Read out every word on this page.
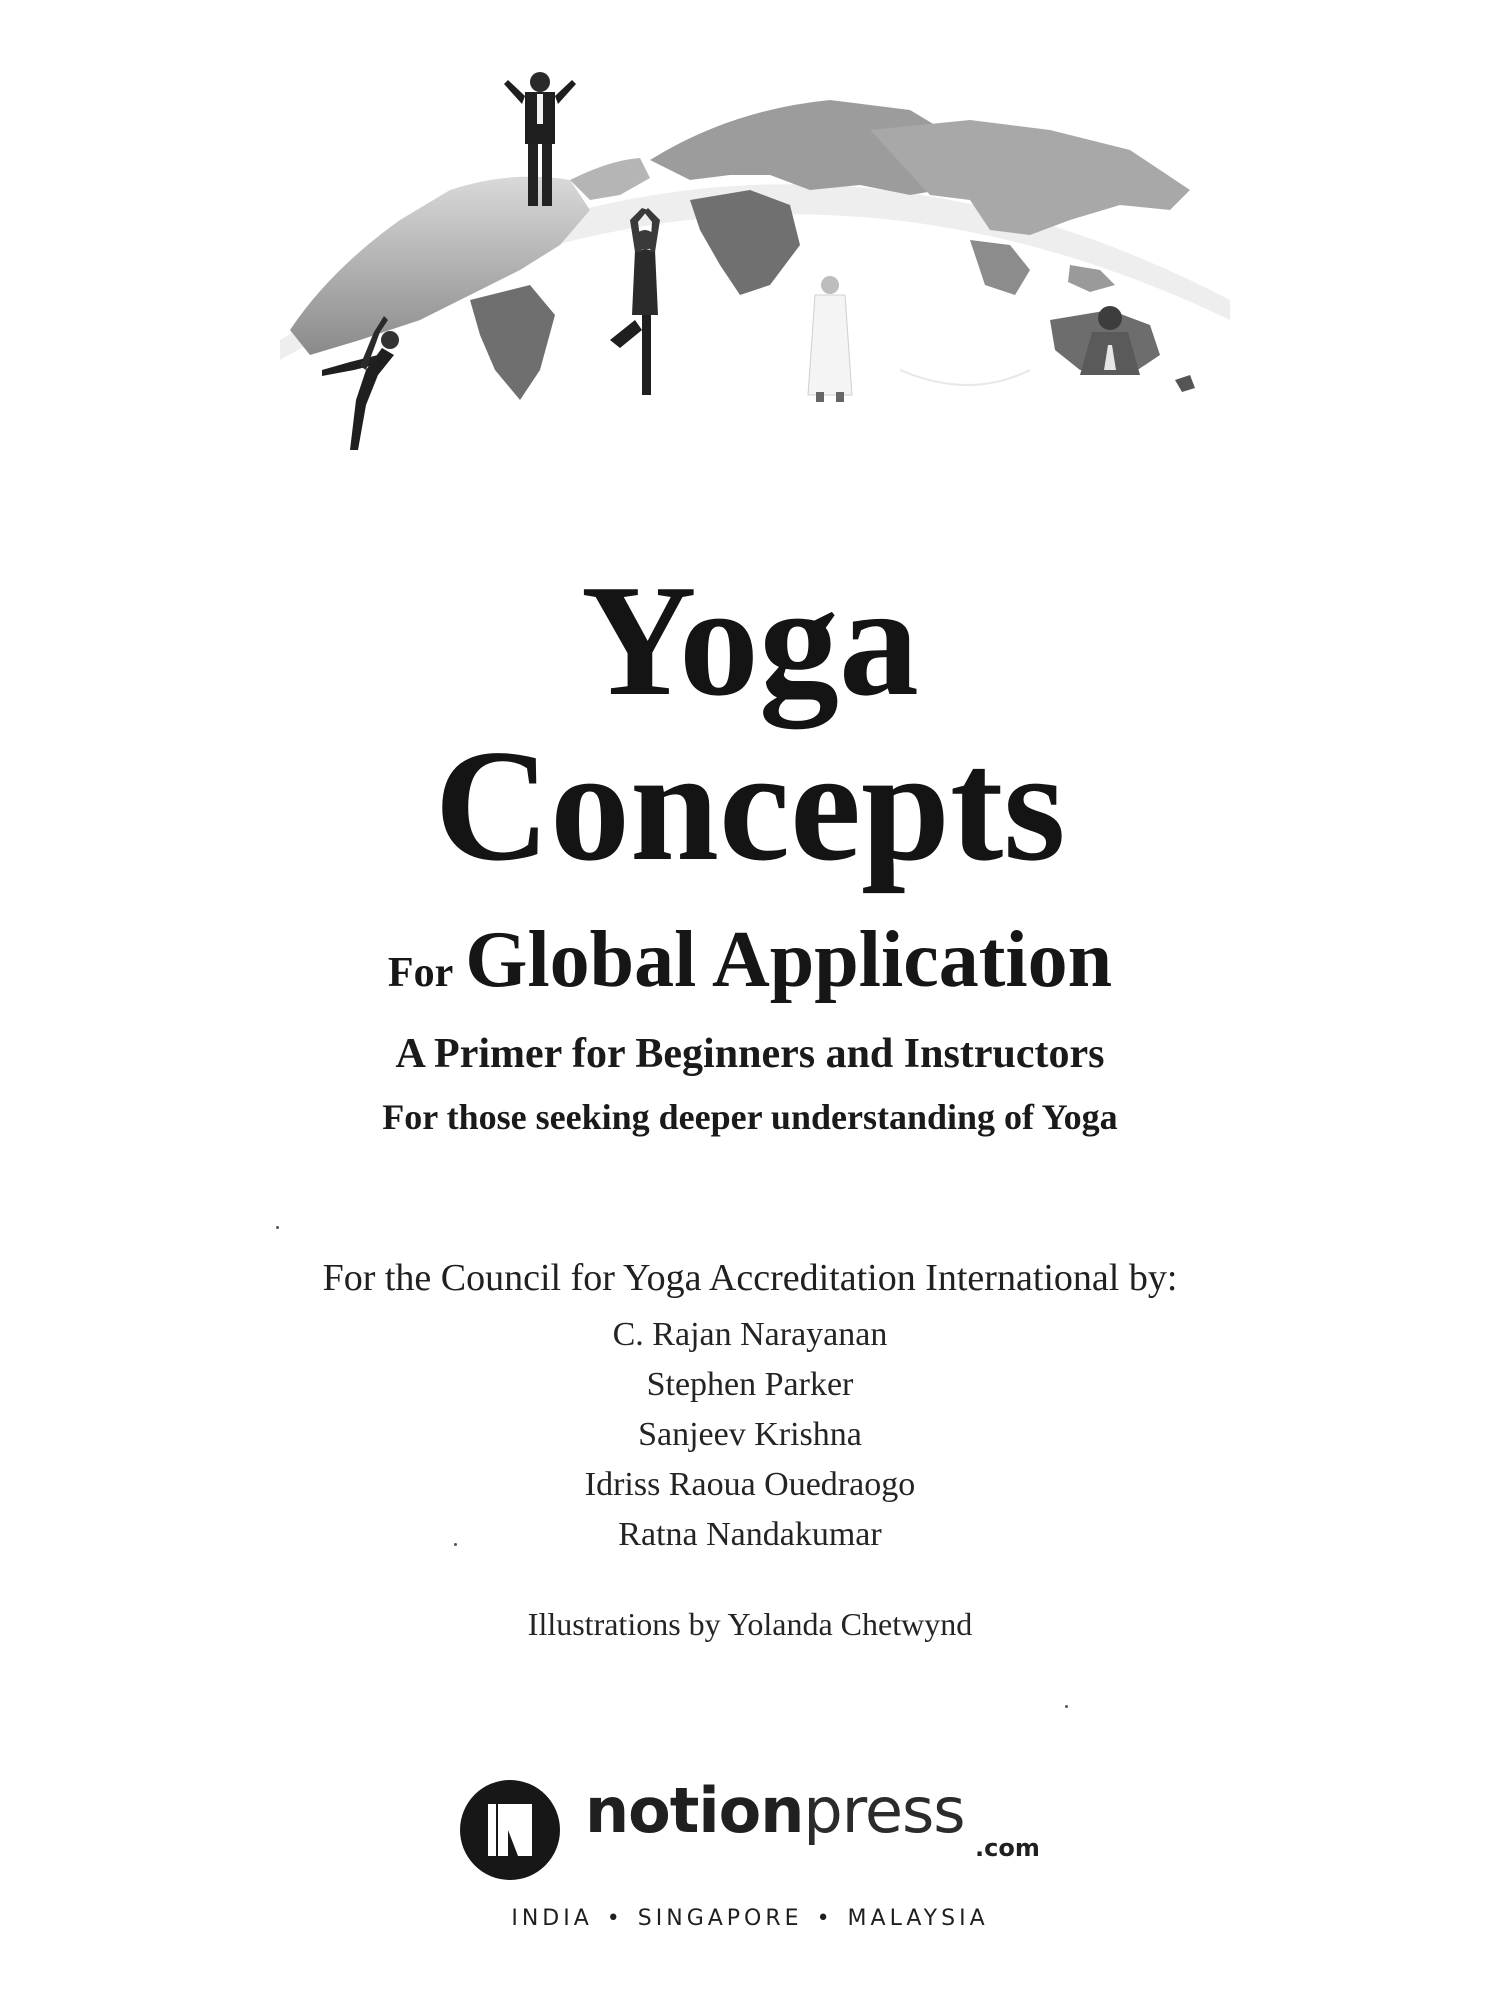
Yoga
Concepts
For Global Application
A Primer for Beginners and Instructors
For those seeking deeper understanding of Yoga
For the Council for Yoga Accreditation International by:
C. Rajan Narayanan
Stephen Parker
Sanjeev Krishna
Idriss Raoua Ouedraogo
Ratna Nandakumar
Illustrations by Yolanda Chetwynd
notionpress
.com
INDIA • SINGAPORE • MALAYSIA
